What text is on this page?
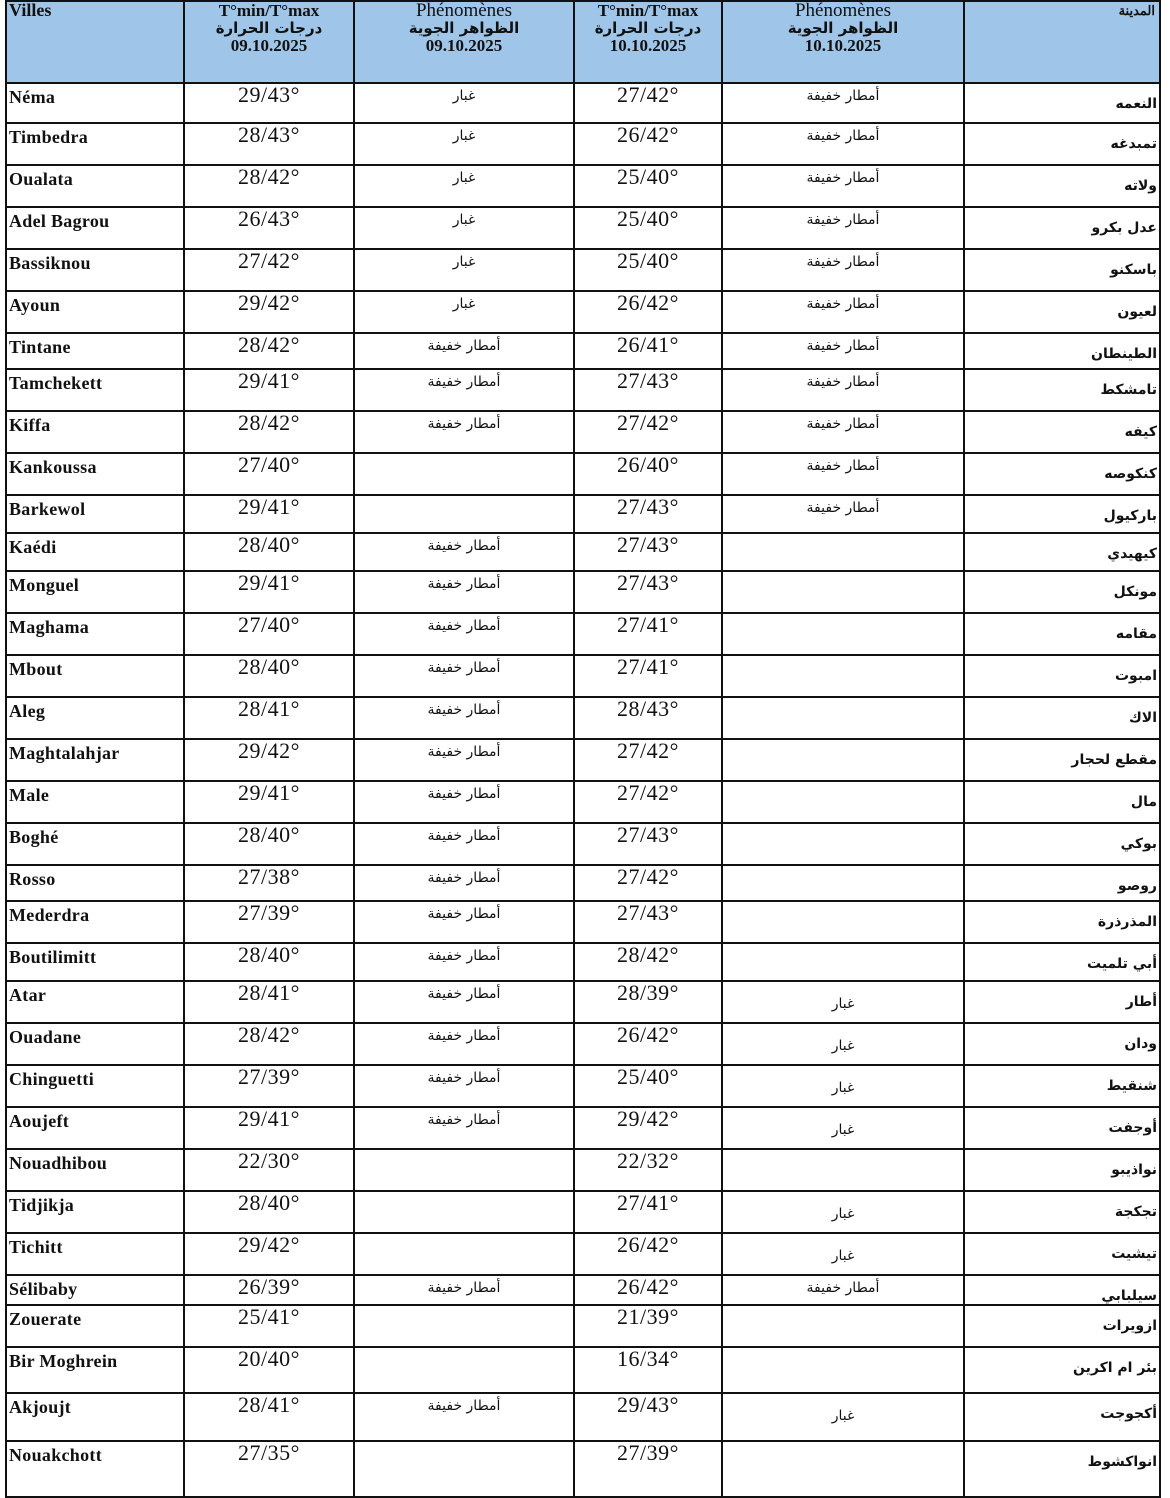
Villes	T°min/T°max
درجات الحرارة
09.10.2025	Phénomènes
الظواهر الجوية
09.10.2025	T°min/T°max
درجات الحرارة
10.10.2025	Phénomènes
الظواهر الجوية
10.10.2025	المدينة
Néma	29/43°	غبار	27/42°	أمطار خفيفة	النعمه
Timbedra	28/43°	غبار	26/42°	أمطار خفيفة	تمبدغه
Oualata	28/42°	غبار	25/40°	أمطار خفيفة	ولاته
Adel Bagrou	26/43°	غبار	25/40°	أمطار خفيفة	عدل بكرو
Bassiknou	27/42°	غبار	25/40°	أمطار خفيفة	باسكنو
Ayoun	29/42°	غبار	26/42°	أمطار خفيفة	لعيون
Tintane	28/42°	أمطار خفيفة	26/41°	أمطار خفيفة	الطينطان
Tamchekett	29/41°	أمطار خفيفة	27/43°	أمطار خفيفة	تامشكط
Kiffa	28/42°	أمطار خفيفة	27/42°	أمطار خفيفة	كيفه
Kankoussa	27/40°		26/40°	أمطار خفيفة	كنكوصه
Barkewol	29/41°		27/43°	أمطار خفيفة	باركيول
Kaédi	28/40°	أمطار خفيفة	27/43°		كيهيدي
Monguel	29/41°	أمطار خفيفة	27/43°		مونكل
Maghama	27/40°	أمطار خفيفة	27/41°		مقامه
Mbout	28/40°	أمطار خفيفة	27/41°		امبوت
Aleg	28/41°	أمطار خفيفة	28/43°		الاك
Maghtalahjar	29/42°	أمطار خفيفة	27/42°		مقطع لحجار
Male	29/41°	أمطار خفيفة	27/42°		مال
Boghé	28/40°	أمطار خفيفة	27/43°		بوكي
Rosso	27/38°	أمطار خفيفة	27/42°		روصو
Mederdra	27/39°	أمطار خفيفة	27/43°		المذرذرة
Boutilimitt	28/40°	أمطار خفيفة	28/42°		أبي تلميت
Atar	28/41°	أمطار خفيفة	28/39°	غبار	أطار
Ouadane	28/42°	أمطار خفيفة	26/42°	غبار	ودان
Chinguetti	27/39°	أمطار خفيفة	25/40°	غبار	شنقيط
Aoujeft	29/41°	أمطار خفيفة	29/42°	غبار	أوجفت
Nouadhibou	22/30°		22/32°		نواذيبو
Tidjikja	28/40°		27/41°	غبار	تجكجة
Tichitt	29/42°		26/42°	غبار	تيشيت
Sélibaby	26/39°	أمطار خفيفة	26/42°	أمطار خفيفة	سيلبابي
Zouerate	25/41°		21/39°		ازويرات
Bir Moghrein	20/40°		16/34°		بئر ام اكرين
Akjoujt	28/41°	أمطار خفيفة	29/43°	غبار	أكجوجت
Nouakchott	27/35°		27/39°		انواكشوط
